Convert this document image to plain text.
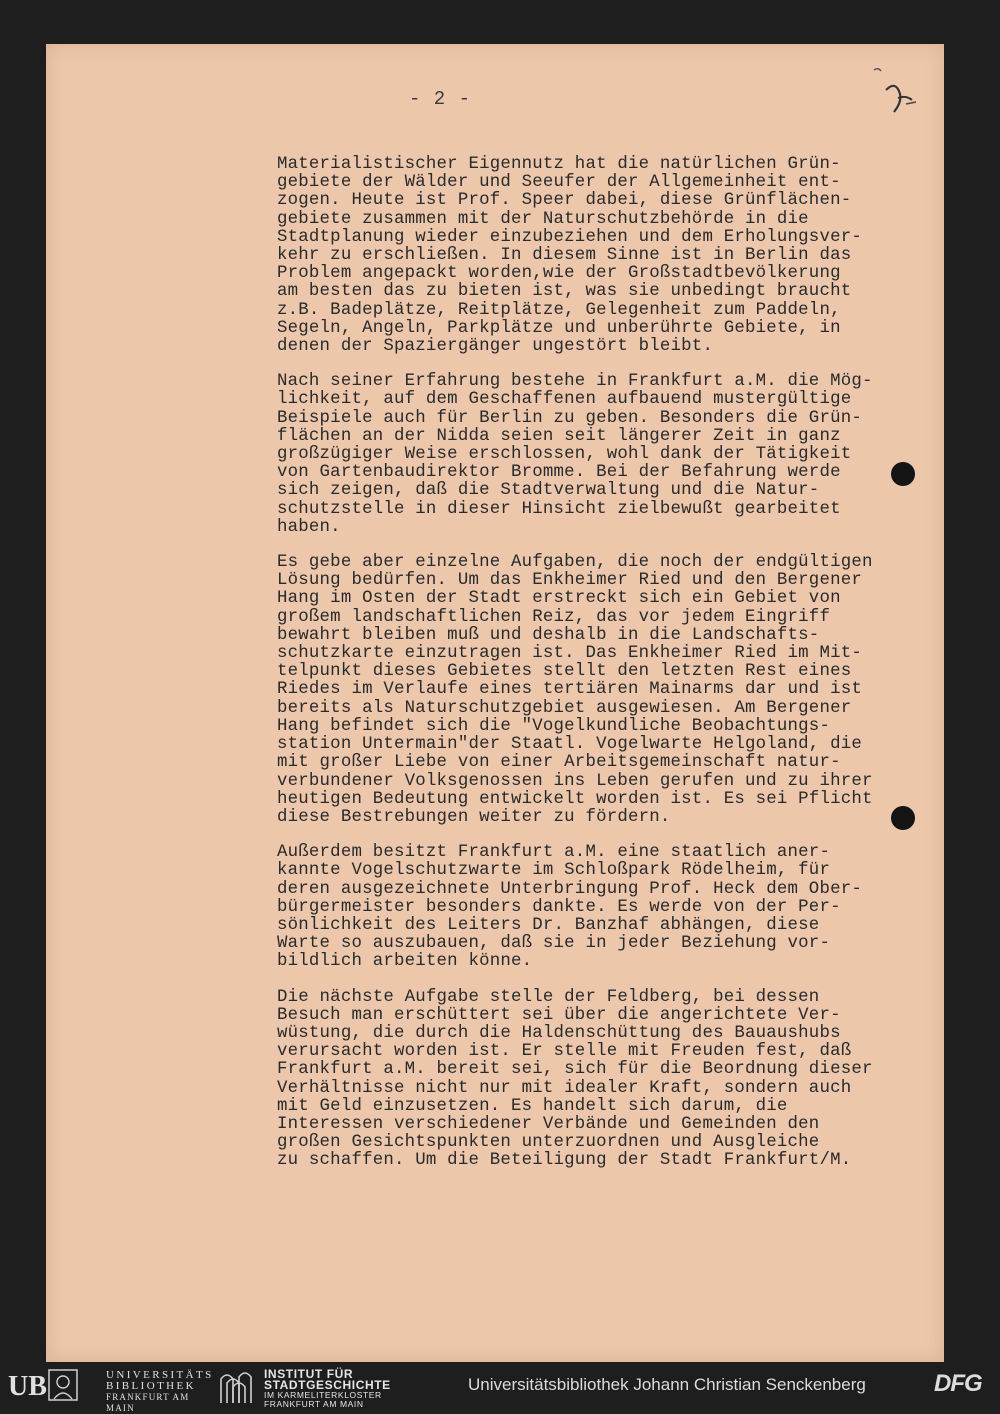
- 2 -
Materialistischer Eigennutz hat die natürlichen Grün-
gebiete der Wälder und Seeufer der Allgemeinheit ent-
zogen. Heute ist Prof. Speer dabei, diese Grünflächen-
gebiete zusammen mit der Naturschutzbehörde in die
Stadtplanung wieder einzubeziehen und dem Erholungsver-
kehr zu erschließen. In diesem Sinne ist in Berlin das
Problem angepackt worden,wie der Großstadtbevölkerung
am besten das zu bieten ist, was sie unbedingt braucht
z.B. Badeplätze, Reitplätze, Gelegenheit zum Paddeln,
Segeln, Angeln, Parkplätze und unberührte Gebiete, in
denen der Spaziergänger ungestört bleibt.
Nach seiner Erfahrung bestehe in Frankfurt a.M. die Mög-
lichkeit, auf dem Geschaffenen aufbauend mustergültige
Beispiele auch für Berlin zu geben. Besonders die Grün-
flächen an der Nidda seien seit längerer Zeit in ganz
großzügiger Weise erschlossen, wohl dank der Tätigkeit
von Gartenbaudirektor Bromme. Bei der Befahrung werde
sich zeigen, daß die Stadtverwaltung und die Natur-
schutzstelle in dieser Hinsicht zielbewußt gearbeitet
haben.
Es gebe aber einzelne Aufgaben, die noch der endgültigen
Lösung bedürfen. Um das Enkheimer Ried und den Bergener
Hang im Osten der Stadt erstreckt sich ein Gebiet von
großem landschaftlichen Reiz, das vor jedem Eingriff
bewahrt bleiben muß und deshalb in die Landschafts-
schutzkarte einzutragen ist. Das Enkheimer Ried im Mit-
telpunkt dieses Gebietes stellt den letzten Rest eines
Riedes im Verlaufe eines tertiären Mainarms dar und ist
bereits als Naturschutzgebiet ausgewiesen. Am Bergener
Hang befindet sich die "Vogelkundliche Beobachtungs-
station Untermain"der Staatl. Vogelwarte Helgoland, die
mit großer Liebe von einer Arbeitsgemeinschaft natur-
verbundener Volksgenossen ins Leben gerufen und zu ihrer
heutigen Bedeutung entwickelt worden ist. Es sei Pflicht
diese Bestrebungen weiter zu fördern.
Außerdem besitzt Frankfurt a.M. eine staatlich aner-
kannte Vogelschutzwarte im Schloßpark Rödelheim, für
deren ausgezeichnete Unterbringung Prof. Heck dem Ober-
bürgermeister besonders dankte. Es werde von der Per-
sönlichkeit des Leiters Dr. Banzhaf abhängen, diese
Warte so auszubauen, daß sie in jeder Beziehung vor-
bildlich arbeiten könne.
Die nächste Aufgabe stelle der Feldberg, bei dessen
Besuch man erschüttert sei über die angerichtete Ver-
wüstung, die durch die Haldenschüttung des Bauaushubs
verursacht worden ist. Er stelle mit Freuden fest, daß
Frankfurt a.M. bereit sei, sich für die Beordnung dieser
Verhältnisse nicht nur mit idealer Kraft, sondern auch
mit Geld einzusetzen. Es handelt sich darum, die
Interessen verschiedener Verbände und Gemeinden den
großen Gesichtspunkten unterzuordnen und Ausgleiche
zu schaffen. Um die Beteiligung der Stadt Frankfurt/M.
UB	UNIVERSITÄTS
BIBLIOTHEK
FRANKFURT AM MAIN
INSTITUT FÜR
STADTGESCHICHTE
IM KARMELITERKLOSTER
FRANKFURT AM MAIN
Universitätsbibliothek Johann Christian Senckenberg	DFG
